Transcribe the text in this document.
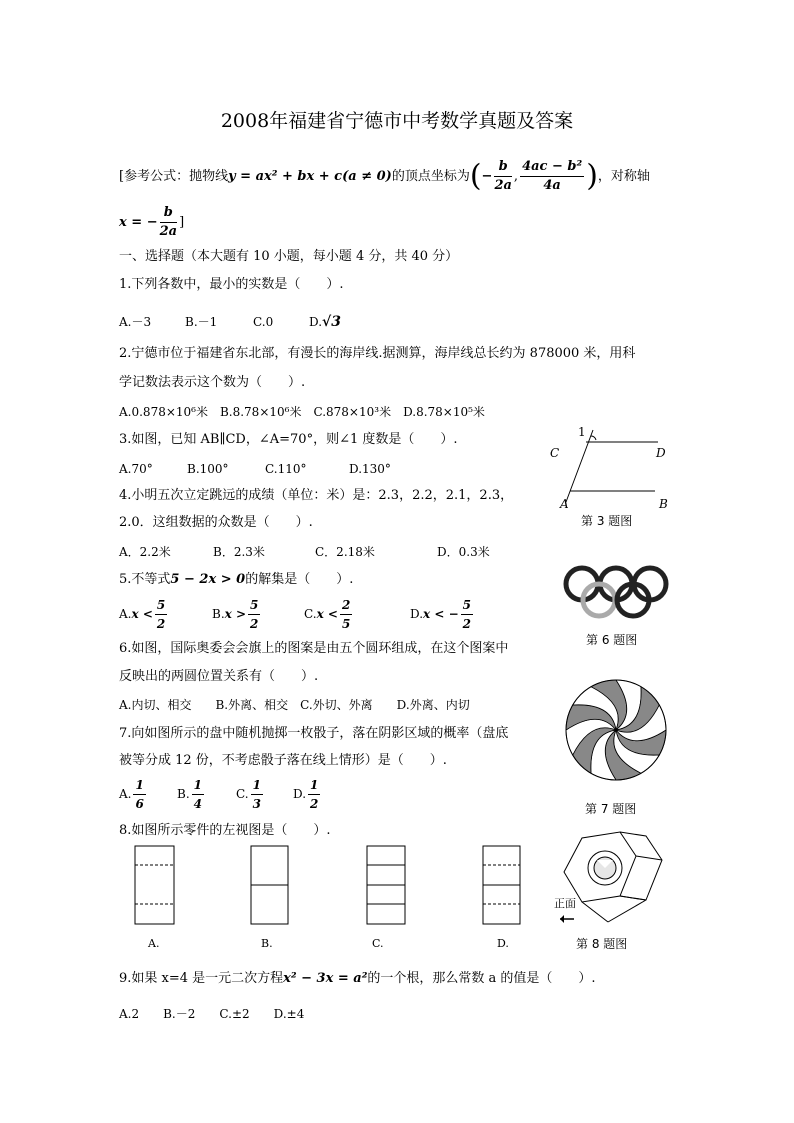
2008年福建省宁德市中考数学真题及答案
[参考公式：抛物线y = ax² + bx + c(a ≠ 0)的顶点坐标为(− $\frac{b}{2a}$ , $\frac{\text{4ac − b²}}{4a}$ )，对称轴
x = − $\frac{b}{2a}$ ]
一、选择题（本大题有 10 小题，每小题 4 分，共 40 分）
1.下列各数中，最小的实数是（　　）.
A.－3	B.－1	C.0	D.√3
2.宁德市位于福建省东北部，有漫长的海岸线.据测算，海岸线总长约为 878000 米，用科
学记数法表示这个数为（　　）.
A.0.878×10⁶米　B.8.78×10⁶米　C.878×10³米　D.8.78×10⁵米
3.如图，已知 AB∥CD，∠A=70°，则∠1 度数是（　　）.
A.70°	B.100°	C.110°	D.130°
1
C	D
A	B
第 3 题图
4.小明五次立定跳远的成绩（单位：米）是：2.3，2.2，2.1，2.3，
2.0．这组数据的众数是（　　）.
A．2.2米	B．2.3米	C．2.18米	D．0.3米
5.不等式5 − 2x > 0的解集是（　　）.
$A.x < \frac{5}{2}$	$B.x > \frac{5}{2}$	$C.x < \frac{2}{5}$	D.x < − $\frac{5}{2}$
第 6 题图
6.如图，国际奥委会会旗上的图案是由五个圆环组成，在这个图案中
反映出的两圆位置关系有（　　）.
A.内切、相交　　B.外离、相交　C.外切、外离　　D.外离、内切
7.向如图所示的盘中随机抛掷一枚骰子，落在阴影区域的概率（盘底
被等分成 12 份，不考虑骰子落在线上情形）是（　　）.
A. $\frac{1}{6}$	B. $\frac{1}{4}$	C. $\frac{1}{3}$	D. $\frac{1}{2}$	第 7 题图
8.如图所示零件的左视图是（　　）.
A.	B.	C.	D.
正面
第 8 题图
9.如果 x=4 是一元二次方程x² − 3x = a²的一个根，那么常数 a 的值是（　　）.
A.2　　B.－2　　C.±2　　D.±4
